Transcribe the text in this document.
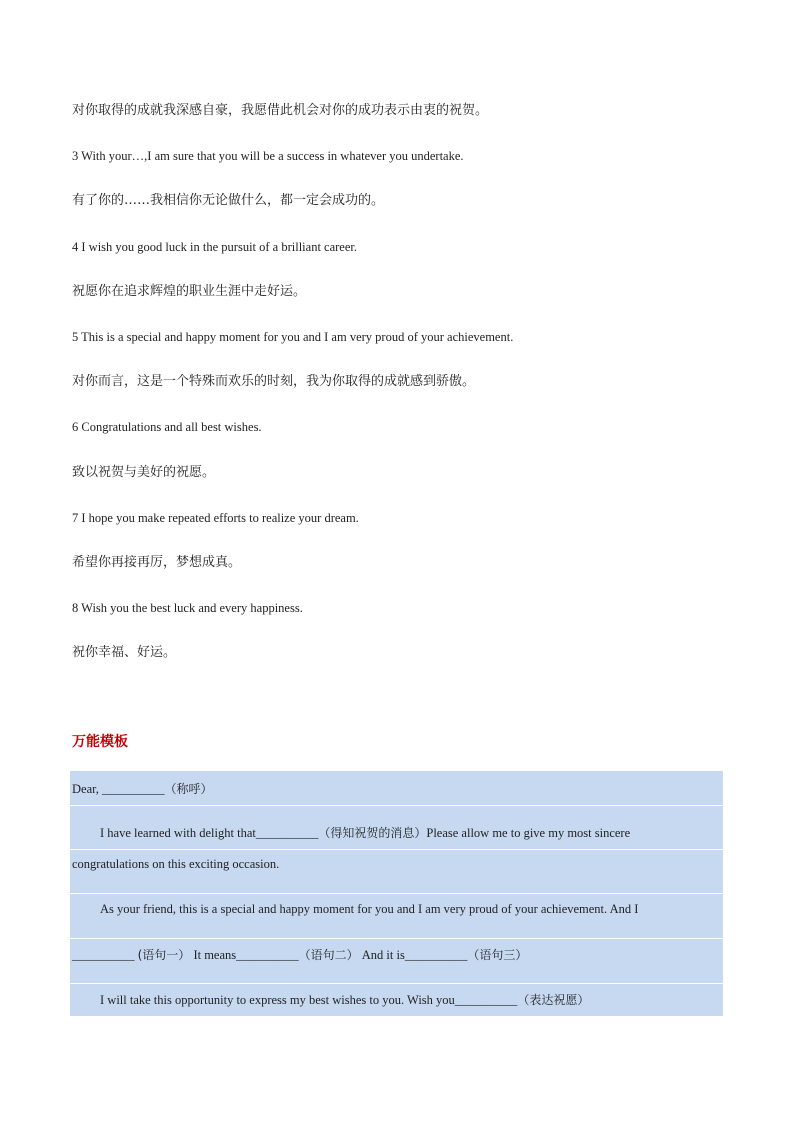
对你取得的成就我深感自豪，我愿借此机会对你的成功表示由衷的祝贺。
3 With your…,I am sure that you will be a success in whatever you undertake.
有了你的……我相信你无论做什么，都一定会成功的。
4 I wish you good luck in the pursuit of a brilliant career.
祝愿你在追求辉煌的职业生涯中走好运。
5 This is a special and happy moment for you and I am very proud of your achievement.
对你而言，这是一个特殊而欢乐的时刻，我为你取得的成就感到骄傲。
6 Congratulations and all best wishes.
致以祝贺与美好的祝愿。
7 I hope you make repeated efforts to realize your dream.
希望你再接再厉，梦想成真。
8 Wish you the best luck and every happiness.
祝你幸福、好运。
万能模板
Dear, __________（称呼）
I have learned with delight that__________（得知祝贺的消息）Please allow me to give my most sincere
congratulations on this exciting occasion.
As your friend, this is a special and happy moment for you and I am very proud of your achievement. And I
__________ (语句一） It means__________（语句二） And it is__________（语句三）
I will take this opportunity to express my best wishes to you. Wish you__________（表达祝愿）
